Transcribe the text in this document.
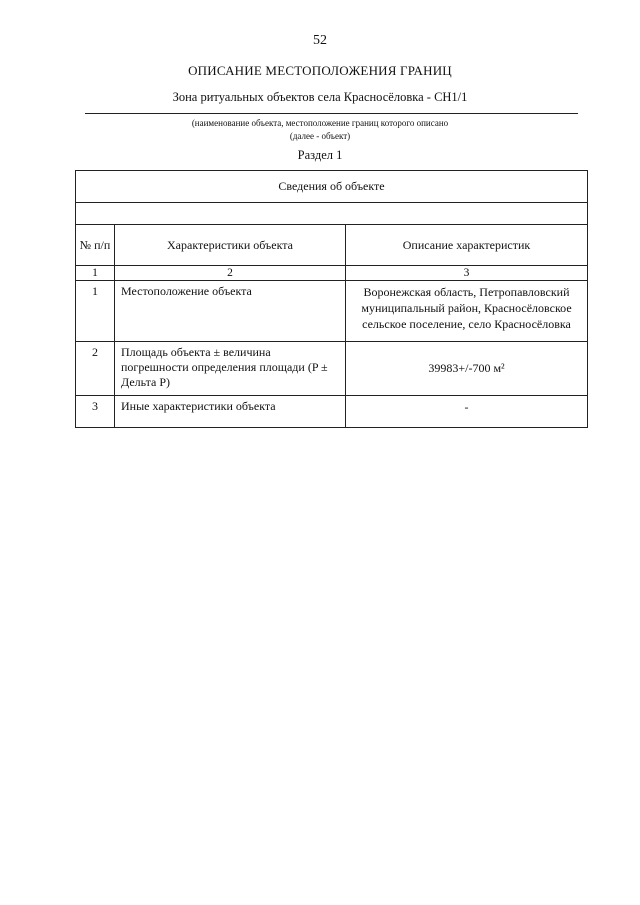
52
ОПИСАНИЕ МЕСТОПОЛОЖЕНИЯ ГРАНИЦ
Зона ритуальных объектов села Красносёловка - СН1/1
(наименование объекта, местоположение границ которого описано
(далее - объект)
Раздел 1
Сведения об объекте		

№ п/п	Характеристики объекта	Описание характеристик
1	2	3
1	Местоположение объекта	Воронежская область, Петропавловский муниципальный район, Красносёловское сельское поселение, село Красносёловка
2	Площадь объекта ± величина погрешности определения площади (P ± Дельта P)	39983+/-700 м²
3	Иные характеристики объекта	-
